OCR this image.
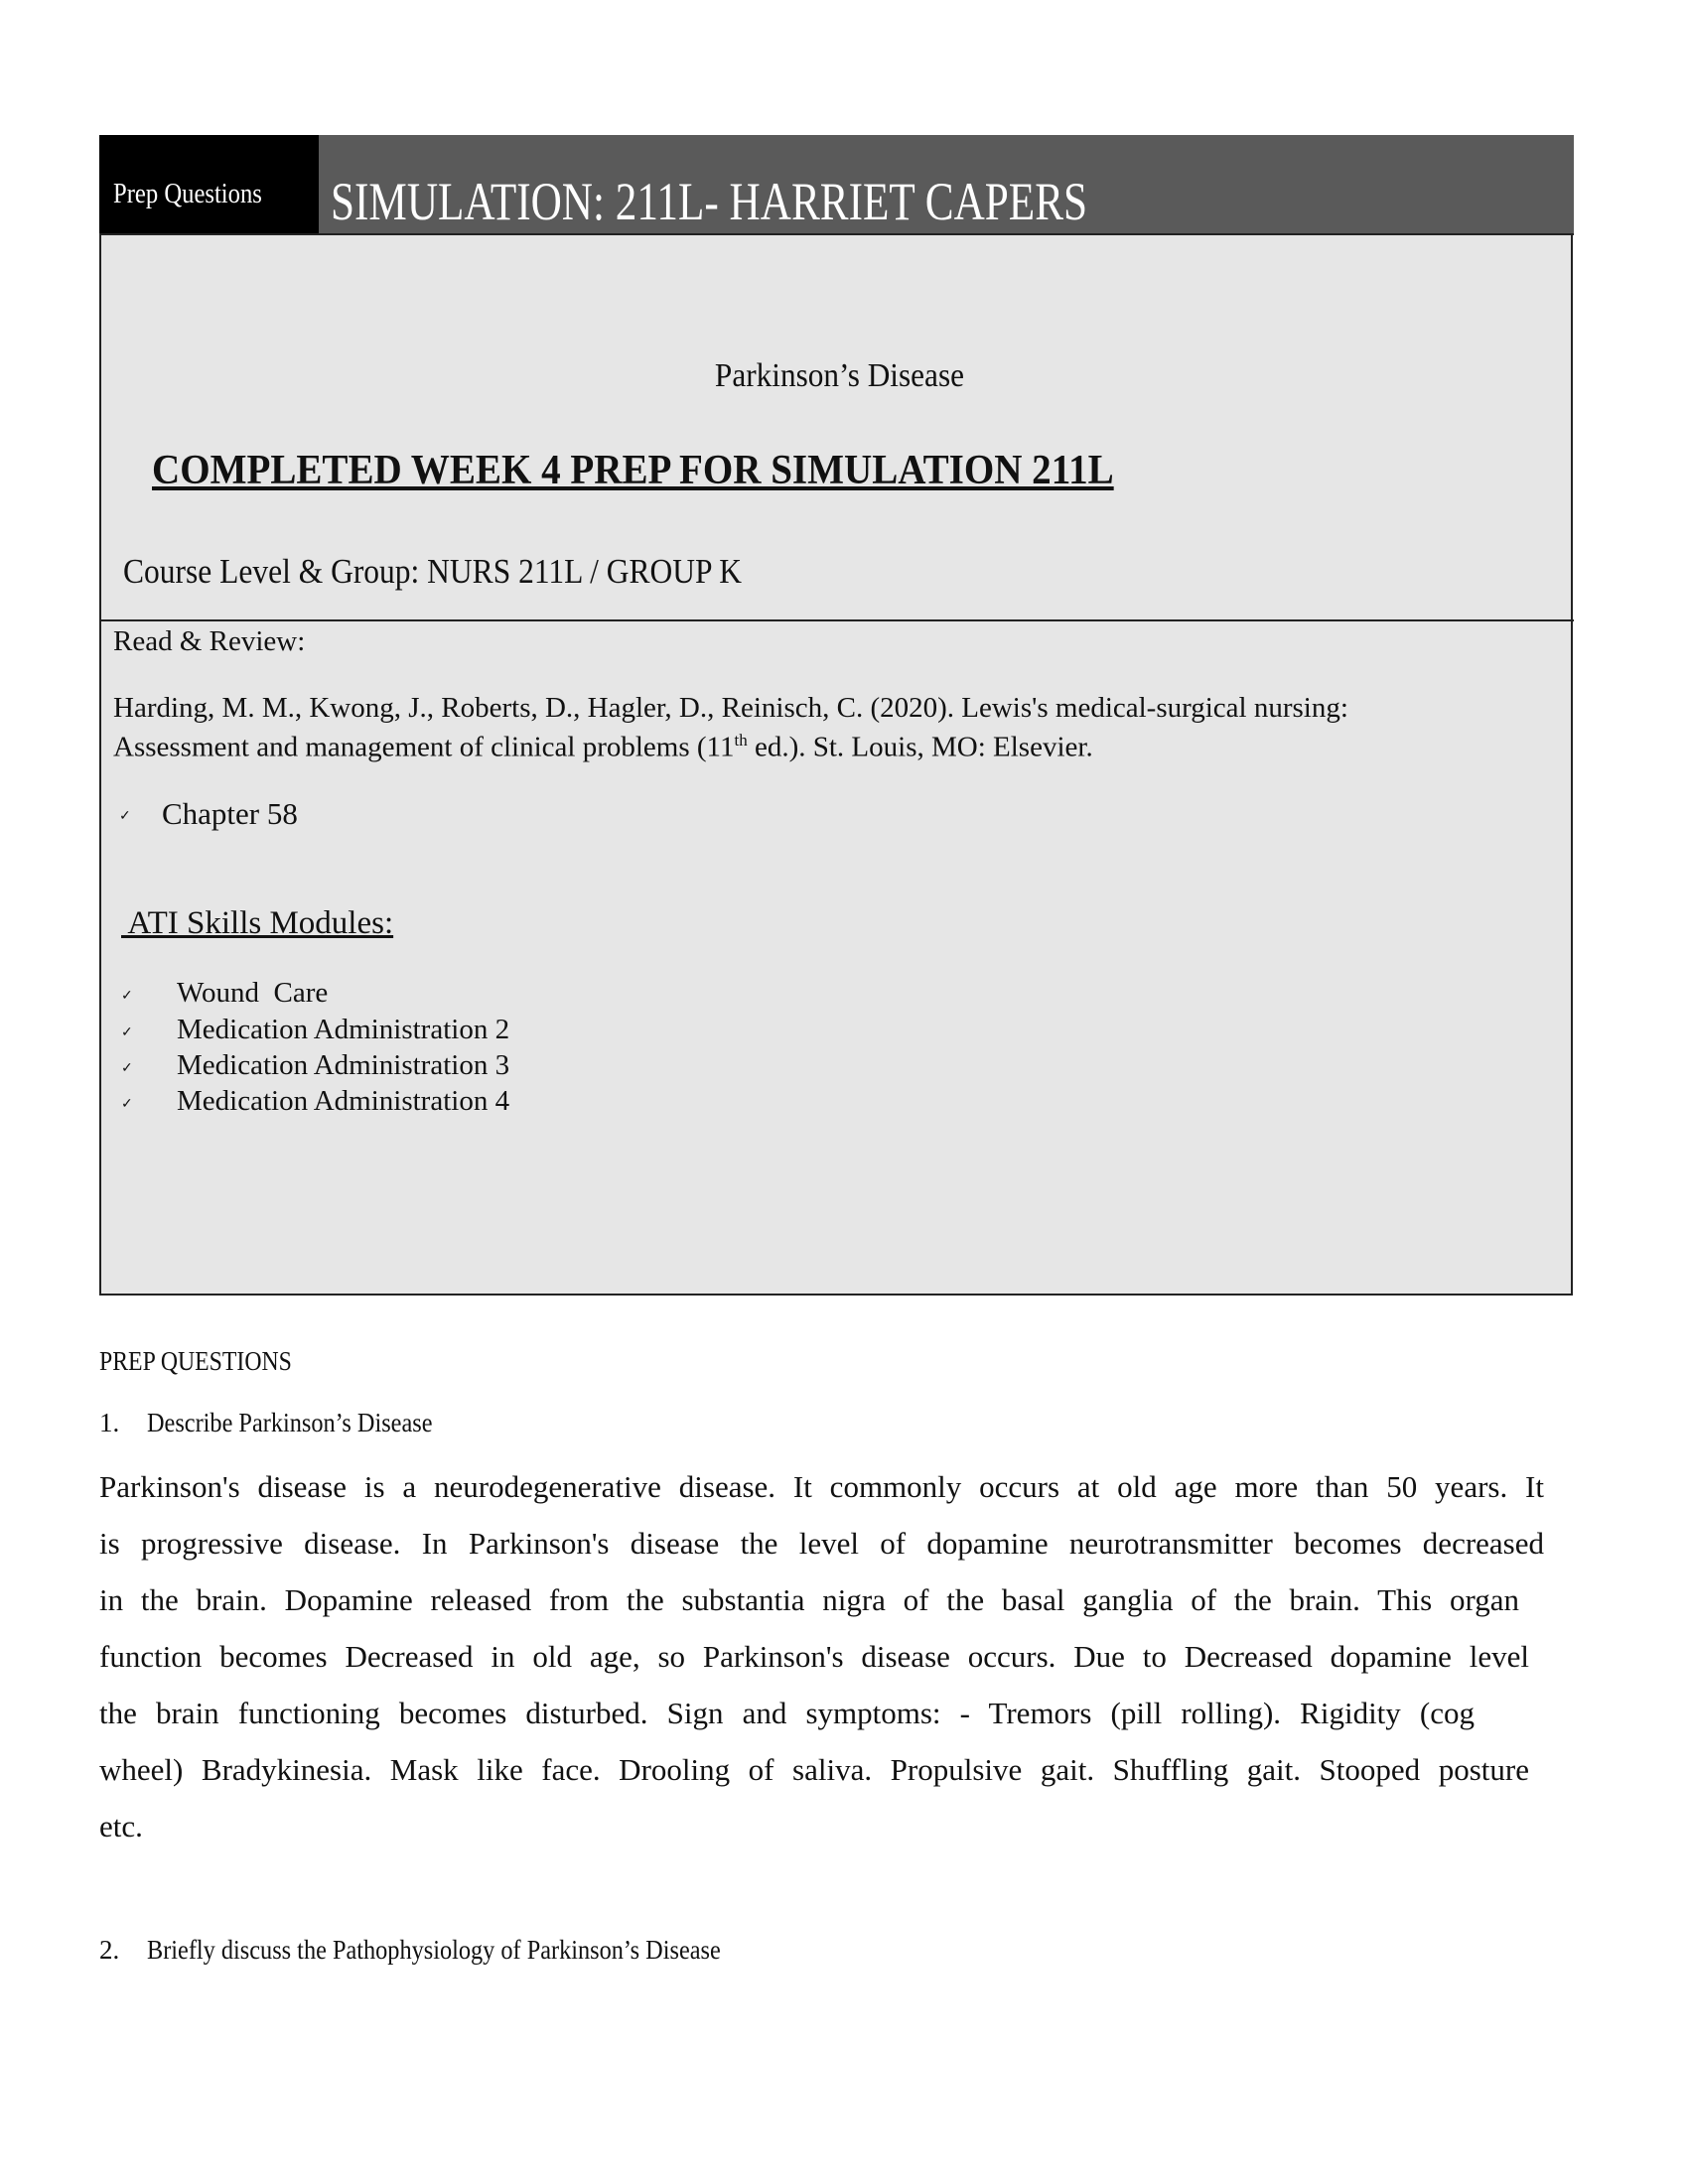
Prep Questions SIMULATION: 211L- HARRIET CAPERS
Parkinson’s Disease
COMPLETED WEEK 4 PREP FOR SIMULATION 211L
Course Level & Group: NURS 211L / GROUP K
Read & Review:
Harding, M. M., Kwong, J., Roberts, D., Hagler, D., Reinisch, C. (2020). Lewis's medical-surgical nursing:
Assessment and management of clinical problems (11th ed.). St. Louis, MO: Elsevier.
✓ Chapter 58
ATI Skills Modules:
✓ Wound  Care
✓ Medication Administration 2
✓ Medication Administration 3
✓ Medication Administration 4
PREP QUESTIONS
1. Describe Parkinson’s Disease
Parkinson's disease is a neurodegenerative disease. It commonly occurs at old age more than 50 years. It
is progressive disease. In Parkinson's disease the level of dopamine neurotransmitter becomes decreased
in the brain. Dopamine released from the substantia nigra of the basal ganglia of the brain. This organ
function becomes Decreased in old age, so Parkinson's disease occurs. Due to Decreased dopamine level
the brain functioning becomes disturbed. Sign and symptoms: - Tremors (pill rolling). Rigidity (cog
wheel) Bradykinesia. Mask like face. Drooling of saliva. Propulsive gait. Shuffling gait. Stooped posture
etc.
2. Briefly discuss the Pathophysiology of Parkinson’s Disease
